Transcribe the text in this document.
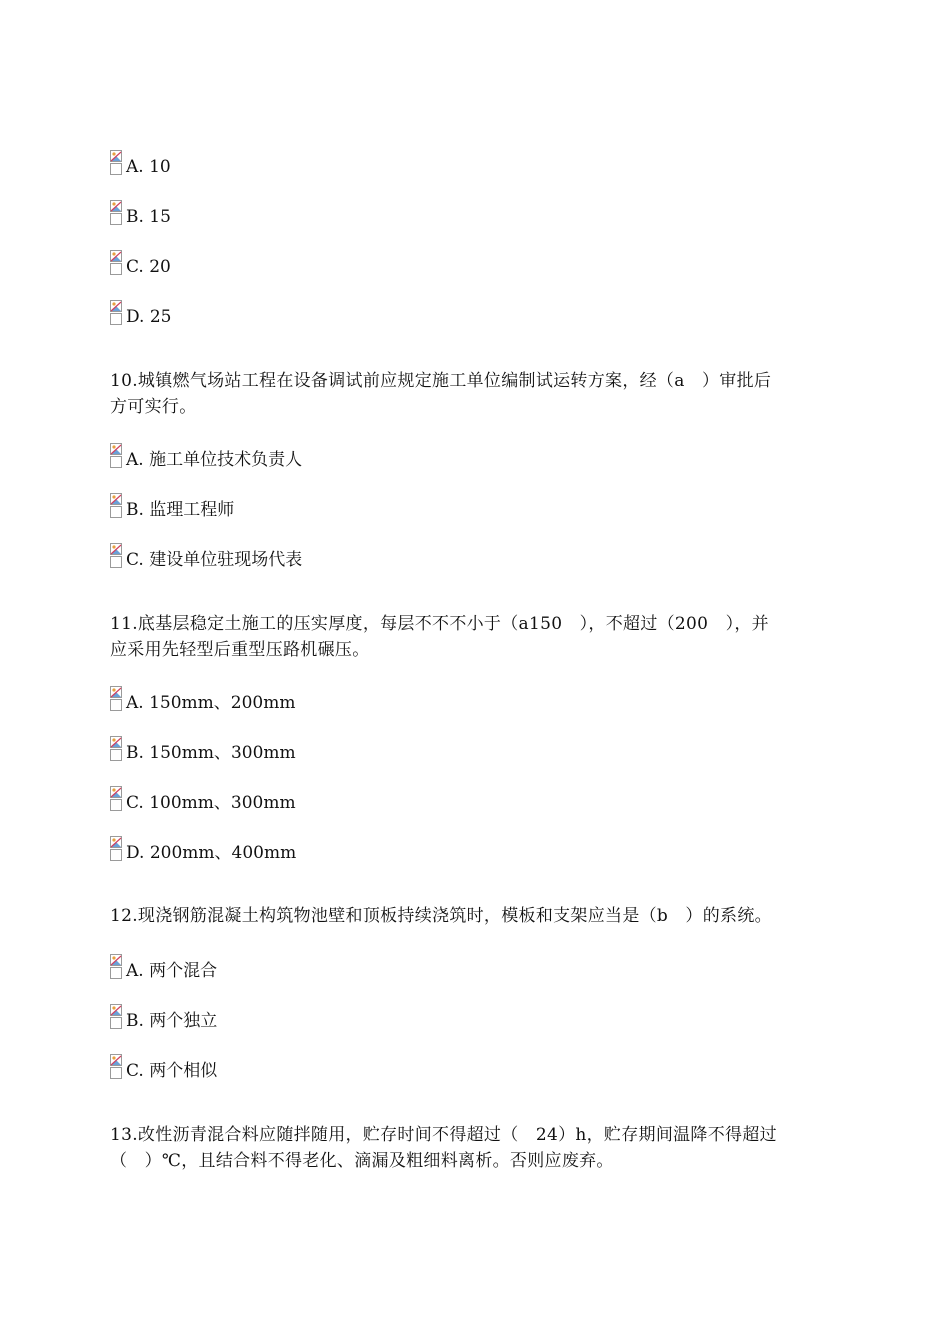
A. 10
B. 15
C. 20
D. 25
10.城镇燃气场站工程在设备调试前应规定施工单位编制试运转方案，经（a　）审批后
方可实行。
A. 施工单位技术负责人
B. 监理工程师
C. 建设单位驻现场代表
11.底基层稳定土施工的压实厚度，每层不不不小于（a150　），不超过（200　），并
应采用先轻型后重型压路机碾压。
A. 150mm、200mm
B. 150mm、300mm
C. 100mm、300mm
D. 200mm、400mm
12.现浇钢筋混凝土构筑物池壁和顶板持续浇筑时，模板和支架应当是（b　）的系统。
A. 两个混合
B. 两个独立
C. 两个相似
13.改性沥青混合料应随拌随用，贮存时间不得超过（　24）h，贮存期间温降不得超过
（　）℃，且结合料不得老化、滴漏及粗细料离析。否则应废弃。
